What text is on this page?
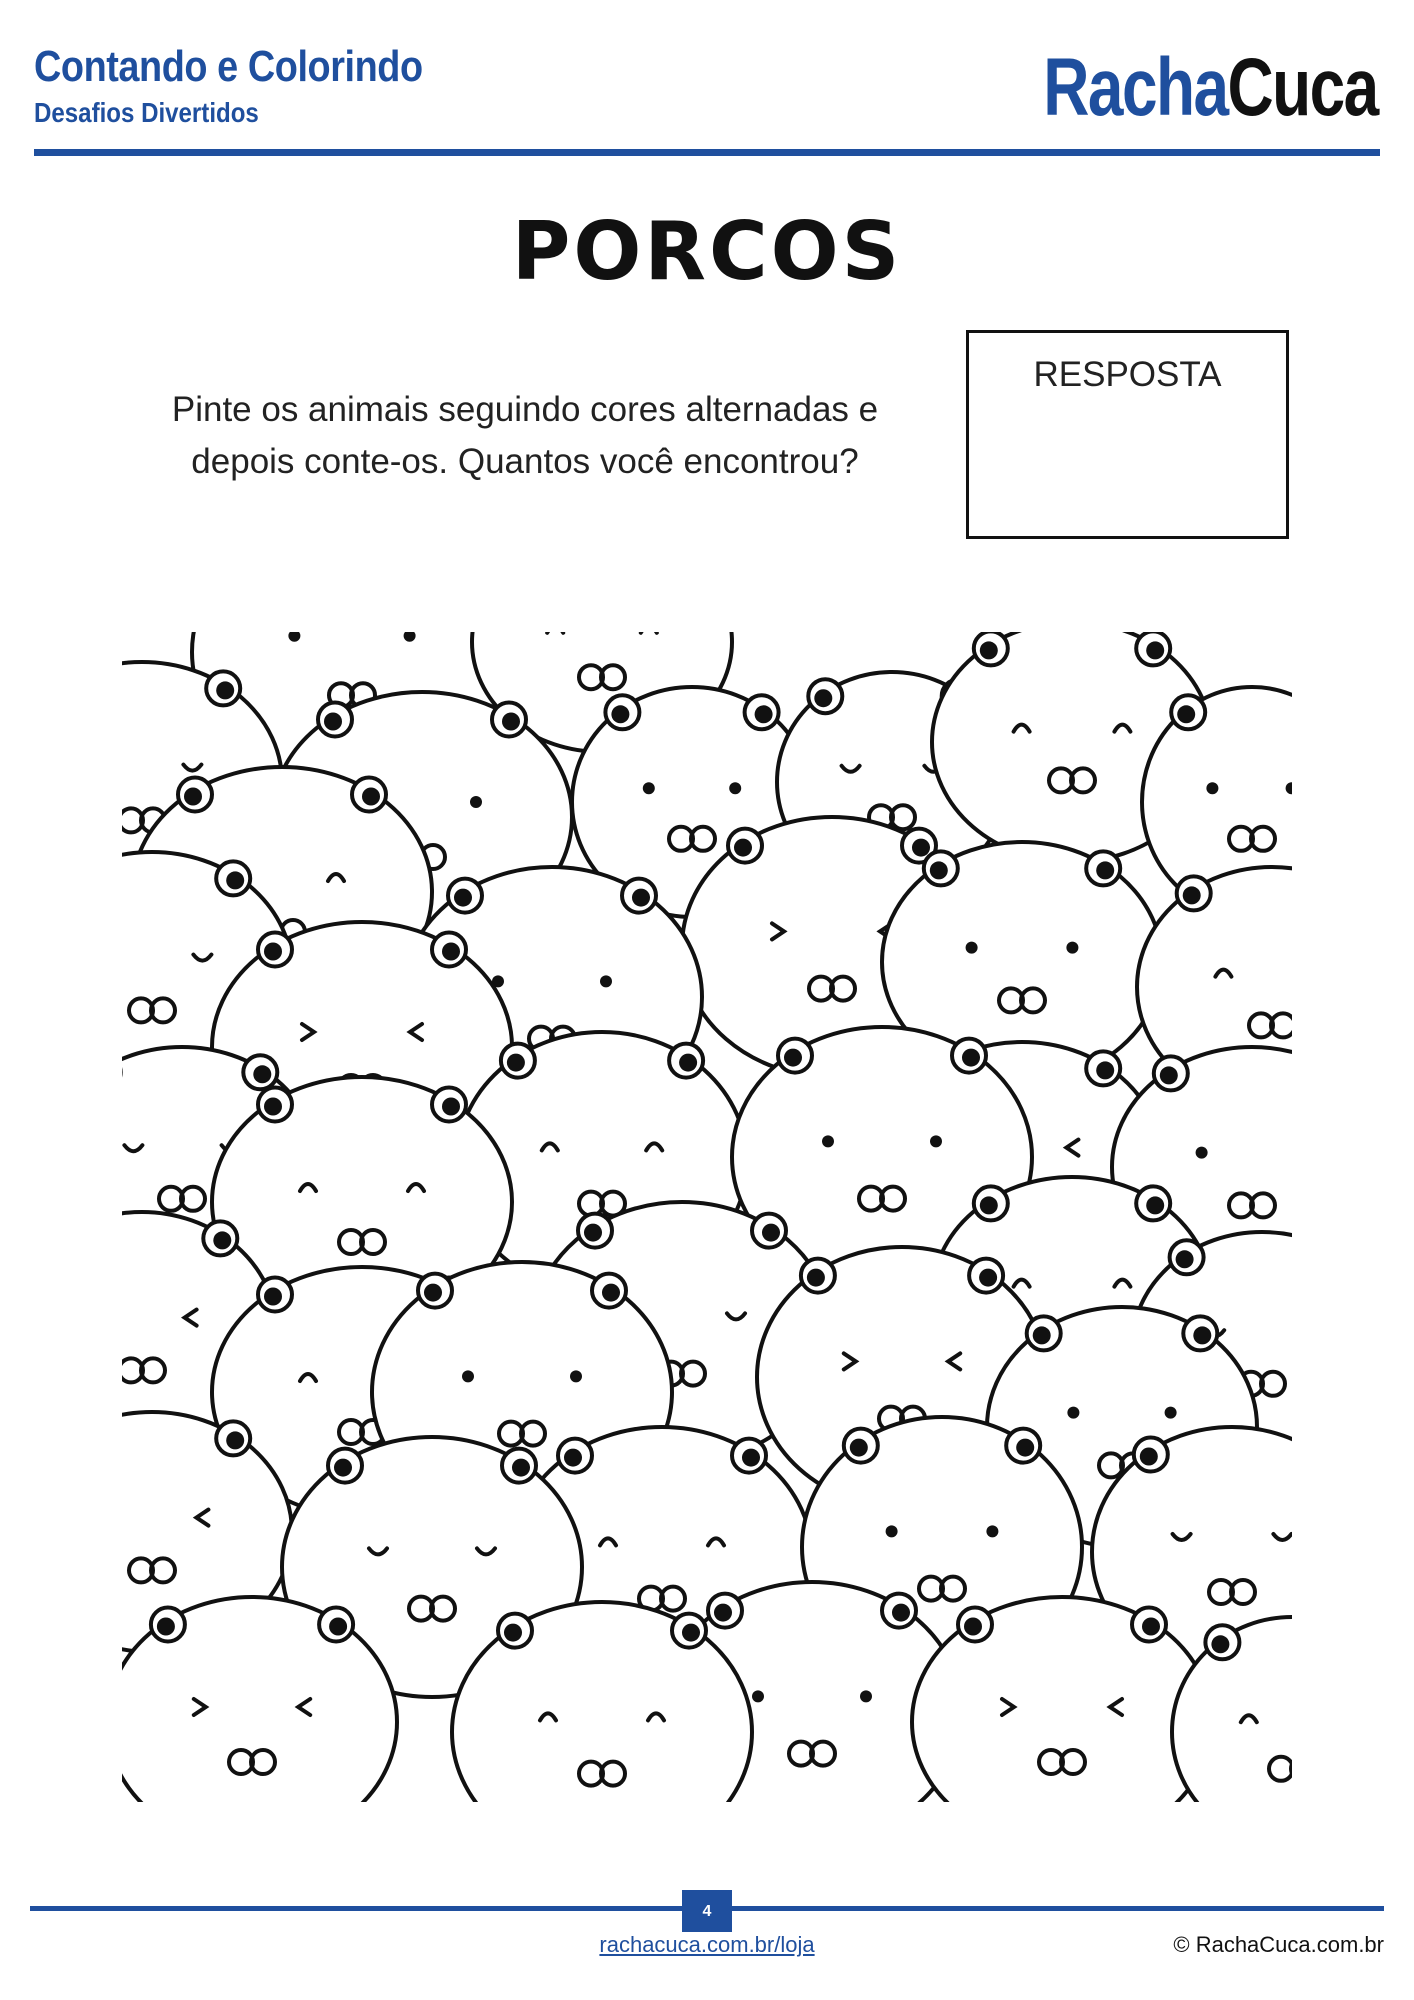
Contando e Colorindo
Desafios Divertidos	RachaCuca
PORCOS
Pinte os animais seguindo cores alternadas e
depois conte-os. Quantos você encontrou?
RESPOSTA
4
rachacuca.com.br/loja	© RachaCuca.com.br
